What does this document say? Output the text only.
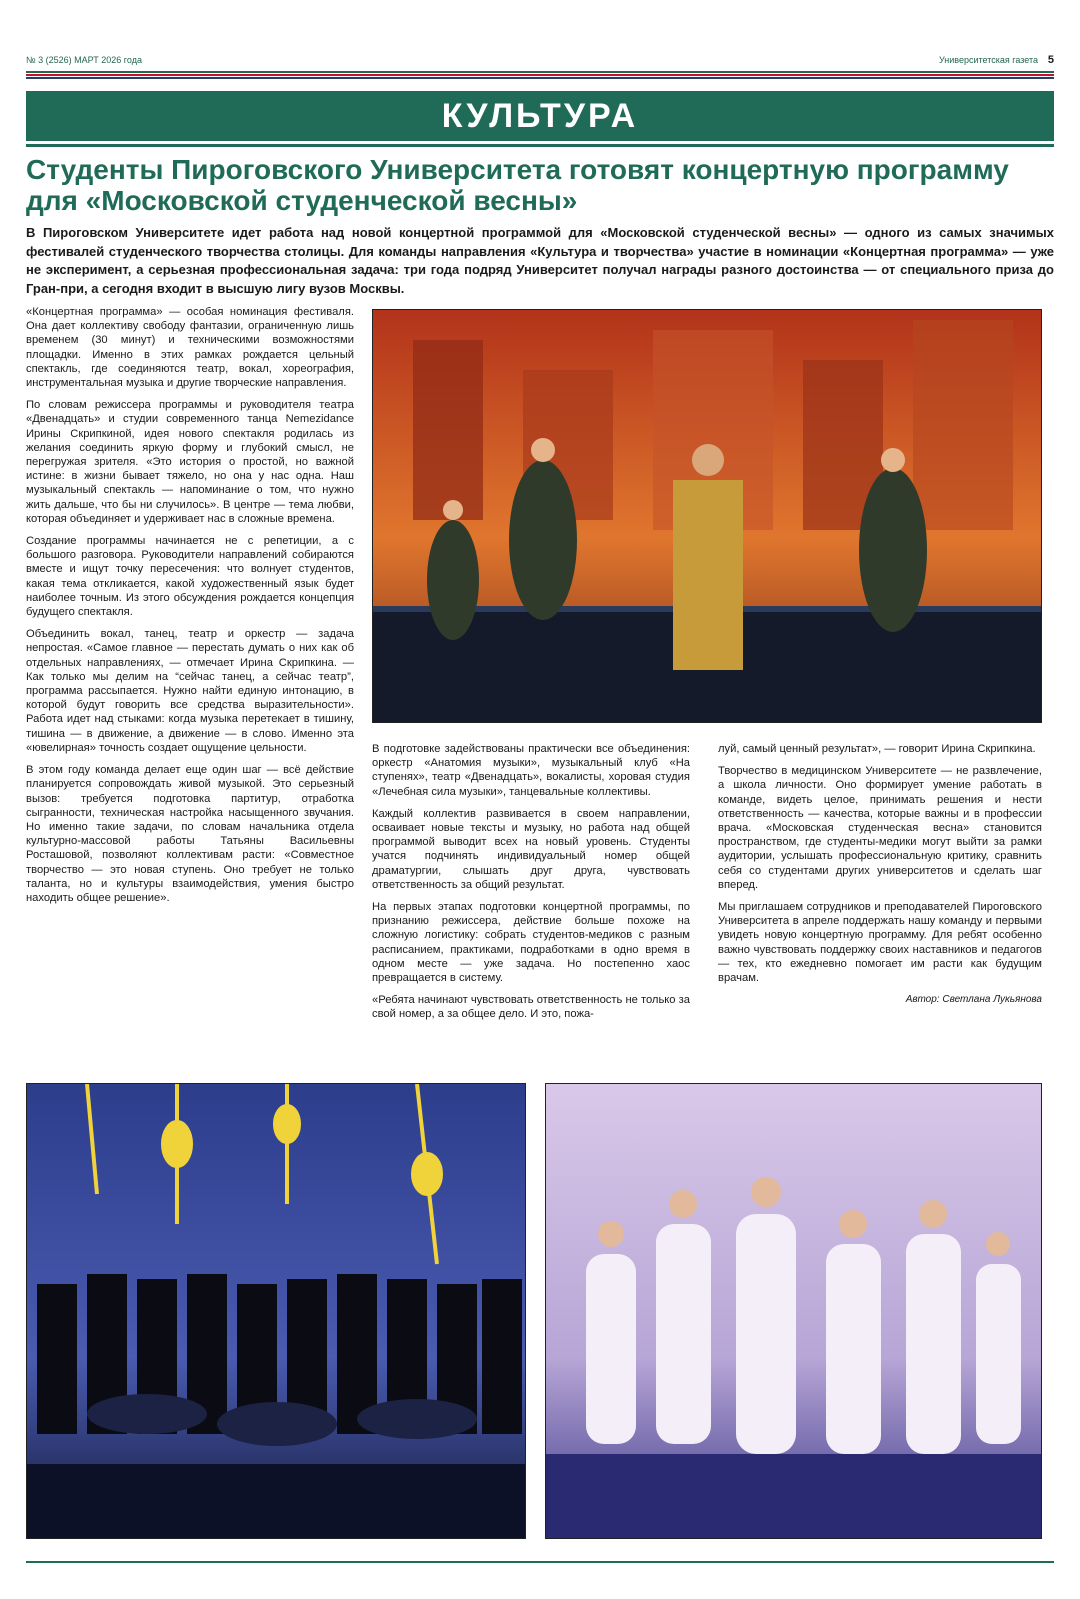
№ 3 (2526) МАРТ 2026 года	Университетская газета 5
КУЛЬТУРА
Студенты Пироговского Университета готовят концертную программу для «Московской студенческой весны»

В Пироговском Университете идет работа над новой концертной программой для «Московской студенческой весны» — одного из самых значимых фестивалей студенческого творчества столицы. Для команды направления «Культура и творчества» участие в номинации «Концертная программа» — уже не эксперимент, а серьезная профессиональная задача: три года подряд Университет получал награды разного достоинства — от специального приза до Гран-при, а сегодня входит в высшую лигу вузов Москвы.

«Концертная программа» — особая номинация фестиваля. Она дает коллективу свободу фантазии, ограниченную лишь временем (30 минут) и техническими возможностями площадки. Именно в этих рамках рождается цельный спектакль, где соединяются театр, вокал, хореография, инструментальная музыка и другие творческие направления.

По словам режиссера программы и руководителя театра «Двенадцать» и студии современного танца Nemezidance Ирины Скрипкиной, идея нового спектакля родилась из желания соединить яркую форму и глубокий смысл, не перегружая зрителя. «Это история о простой, но важной истине: в жизни бывает тяжело, но она у нас одна. Наш музыкальный спектакль — напоминание о том, что нужно жить дальше, что бы ни случилось». В центре — тема любви, которая объединяет и удерживает нас в сложные времена.

Создание программы начинается не с репетиции, а с большого разговора. Руководители направлений собираются вместе и ищут точку пересечения: что волнует студентов, какая тема откликается, какой художественный язык будет наиболее точным. Из этого обсуждения рождается концепция будущего спектакля.

Объединить вокал, танец, театр и оркестр — задача непростая. «Самое главное — перестать думать о них как об отдельных направлениях, — отмечает Ирина Скрипкина. — Как только мы делим на “сейчас танец, а сейчас театр”, программа рассыпается. Нужно найти единую интонацию, в которой будут говорить все средства выразительности». Работа идет над стыками: когда музыка перетекает в тишину, тишина — в движение, а движение — в слово. Именно эта «ювелирная» точность создает ощущение цельности.

В этом году команда делает еще один шаг — всё действие планируется сопровождать живой музыкой. Это серьезный вызов: требуется подготовка партитур, отработка сыгранности, техническая настройка насыщенного звучания. Но именно такие задачи, по словам начальника отдела культурно-массовой работы Татьяны Васильевны Росташовой, позволяют коллективам расти: «Совместное творчество — это новая ступень. Оно требует не только таланта, но и культуры взаимодействия, умения быстро находить общее решение».

В подготовке задействованы практически все объединения: оркестр «Анатомия музыки», музыкальный клуб «На ступенях», театр «Двенадцать», вокалисты, хоровая студия «Лечебная сила музыки», танцевальные коллективы.

Каждый коллектив развивается в своем направлении, осваивает новые тексты и музыку, но работа над общей программой выводит всех на новый уровень. Студенты учатся подчинять индивидуальный номер общей драматургии, слышать друг друга, чувствовать ответственность за общий результат.

На первых этапах подготовки концертной программы, по признанию режиссера, действие больше похоже на сложную логистику: собрать студентов-медиков с разным расписанием, практиками, подработками в одно время в одном месте — уже задача. Но постепенно хаос превращается в систему.

«Ребята начинают чувствовать ответственность не только за свой номер, а за общее дело. И это, пожа-

луй, самый ценный результат», — говорит Ирина Скрипкина.

Творчество в медицинском Университете — не развлечение, а школа личности. Оно формирует умение работать в команде, видеть целое, принимать решения и нести ответственность — качества, которые важны и в профессии врача. «Московская студенческая весна» становится пространством, где студенты-медики могут выйти за рамки аудитории, услышать профессиональную критику, сравнить себя со студентами других университетов и сделать шаг вперед.

Мы приглашаем сотрудников и преподавателей Пироговского Университета в апреле поддержать нашу команду и первыми увидеть новую концертную программу. Для ребят особенно важно чувствовать поддержку своих наставников и педагогов — тех, кто ежедневно помогает им расти как будущим врачам.

Автор: Светлана Лукьянова
